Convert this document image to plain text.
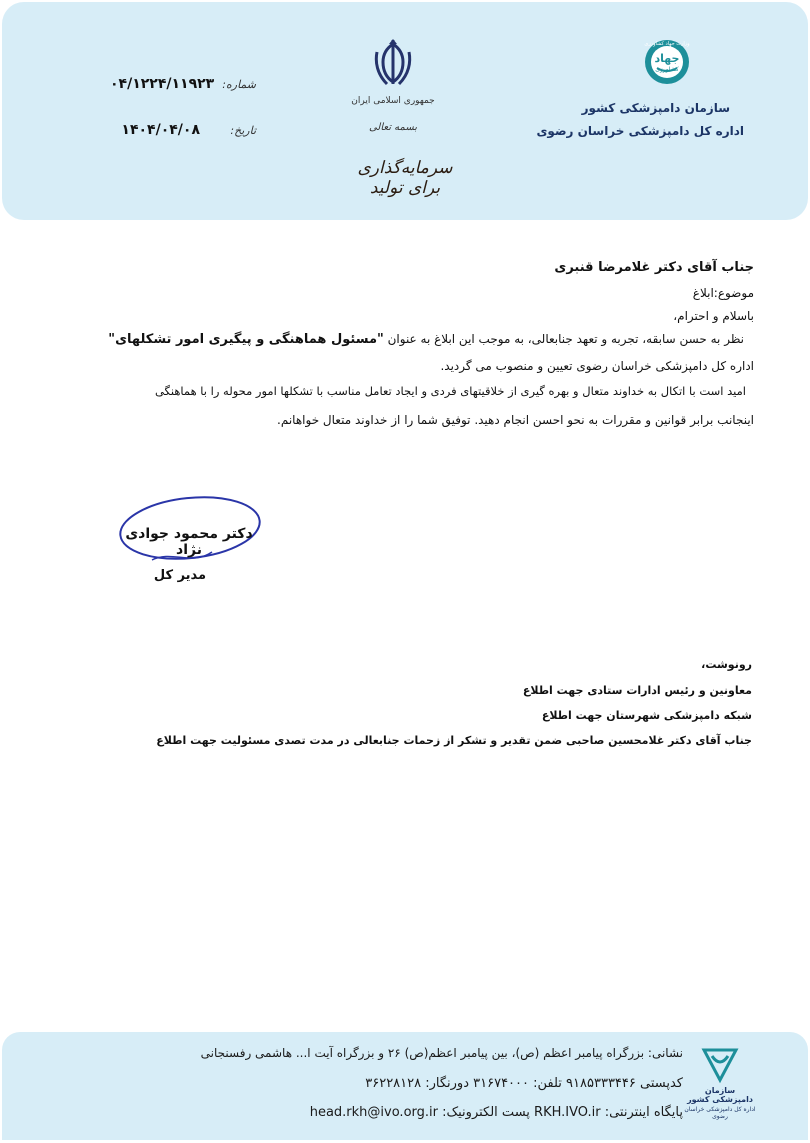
جهاد
کشاورزی
وزارت جهاد کشاورزی
سازمان دامپزشکی کشور
اداره کل دامپزشکی خراسان رضوی
جمهوری اسلامی ایران
بسمه تعالی
سرمایه‌گذاری برای تولید
شماره:
۰۴/۱۲۲۴/۱۱۹۲۳
تاریخ:
۱۴۰۴/۰۴/۰۸
جناب آقای دکتر غلامرضا قنبری
موضوع:ابلاغ
باسلام و احترام،
نظر به حسن سابقه، تجربه و تعهد جنابعالی، به موجب این ابلاغ به عنوان "مسئول هماهنگی و پیگیری امور تشکلهای"
اداره کل دامپزشکی خراسان رضوی تعیین و منصوب می گردید.
امید است با اتکال به خداوند متعال و بهره گیری از خلاقیتهای فردی و ایجاد تعامل مناسب با تشکلها امور محوله را با هماهنگی
اینجانب برابر قوانین و مقررات به نحو احسن انجام دهید. توفیق شما را از خداوند متعال خواهانم.
دکتر محمود جوادی نژاد
مدیر کل
رونوشت،
معاونین و رئیس ادارات ستادی جهت اطلاع
شبکه دامپزشکی شهرستان جهت اطلاع
جناب آقای دکتر غلامحسین صاحبی ضمن تقدیر و تشکر از زحمات جنابعالی در مدت تصدی مسئولیت جهت اطلاع
سازمان دامپزشکی کشور
اداره کل دامپزشکی خراسان رضوی
نشانی: بزرگراه پیامبر اعظم (ص)، بین پیامبر اعظم(ص) ۲۶ و بزرگراه آیت ا... هاشمی رفسنجانی
کدپستی ۹۱۸۵۳۳۳۴۴۶ تلفن: ۳۱۶۷۴۰۰۰ دورنگار: ۳۶۲۲۸۱۲۸
پایگاه اینترنتی: RKH.IVO.ir پست الکترونیک: head.rkh@ivo.org.ir
